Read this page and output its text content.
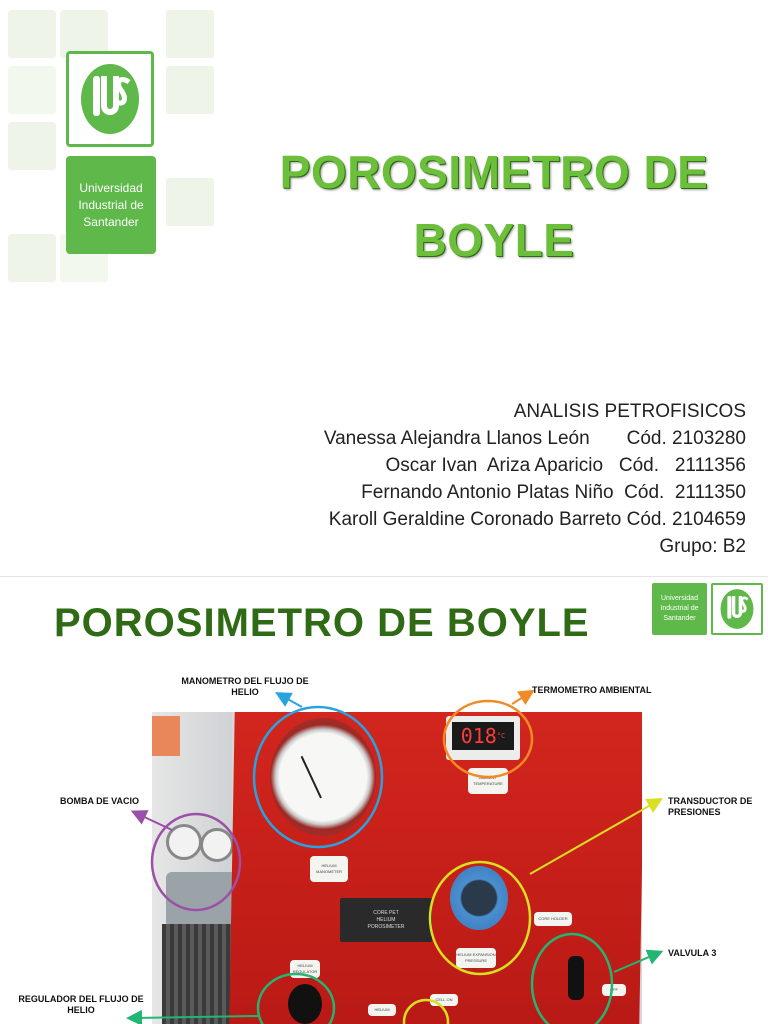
Universidad
Industrial de
Santander
POROSIMETRO DE
BOYLE
ANALISIS PETROFISICOS
Vanessa Alejandra Llanos León       Cód. 2103280
Oscar Ivan  Ariza Aparicio   Cód.   2111356
Fernando Antonio Platas Niño  Cód.  2111350
Karoll Geraldine Coronado Barreto Cód. 2104659
Grupo: B2
POROSIMETRO DE BOYLE
Universidad
Industrial de
Santander
$018^{^\circ C}$
AMBIENT
TEMPERATURE
HELIUM
MANOMETER
CORE PET
HELIUM
POROSIMETER
HELIUM
REGULATOR
HELIUM
CELL ON
HELIUM EXPANSION
PRESSURE
CORE HOLDER
OFF
MANOMETRO DEL FLUJO DE
HELIO	TERMOMETRO AMBIENTAL
BOMBA DE VACIO	TRANSDUCTOR DE
PRESIONES
VALVULA 3
REGULADOR DEL FLUJO DE
HELIO
